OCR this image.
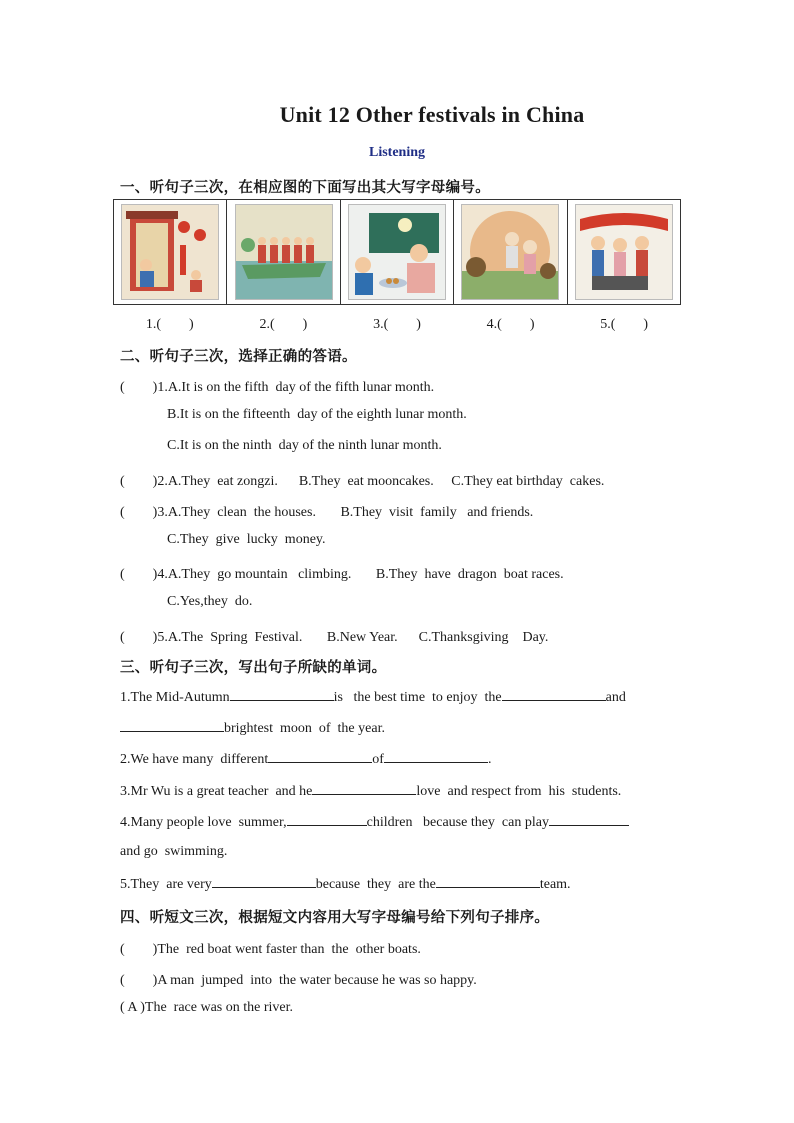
Unit 12 Other festivals in China
Listening
一、听句子三次，在相应图的下面写出其大写字母编号。
1.(　　)	2.(　　)	3.(　　)	4.(　　)	5.(　　)
二、听句子三次，选择正确的答语。
(　　)1.A.It is on the fifth  day of the fifth lunar month.
B.It is on the fifteenth  day of the eighth lunar month.
C.It is on the ninth  day of the ninth lunar month.
(　　)2.A.They  eat zongzi.      B.They  eat mooncakes.     C.They eat birthday  cakes.
(　　)3.A.They  clean  the houses.       B.They  visit  family   and friends.
C.They  give  lucky  money.
(　　)4.A.They  go mountain   climbing.       B.They  have  dragon  boat races.
C.Yes,they  do.
(　　)5.A.The  Spring  Festival.       B.New Year.      C.Thanksgiving    Day.
三、听句子三次，写出句子所缺的单词。
1.The Mid-Autumn	is   the best time  to enjoy  the	and
brightest  moon  of  the year.
2.We have many  different	of	.
3.Mr Wu is a great teacher  and he	love  and respect from  his  students.
4.Many people love  summer,	children   because they  can play
and go  swimming.
5.They  are very	because  they  are the	team.
四、听短文三次，根据短文内容用大写字母编号给下列句子排序。
(　　)The  red boat went faster than  the  other boats.
(　　)A man  jumped  into  the water because he was so happy.
( A )The  race was on the river.
